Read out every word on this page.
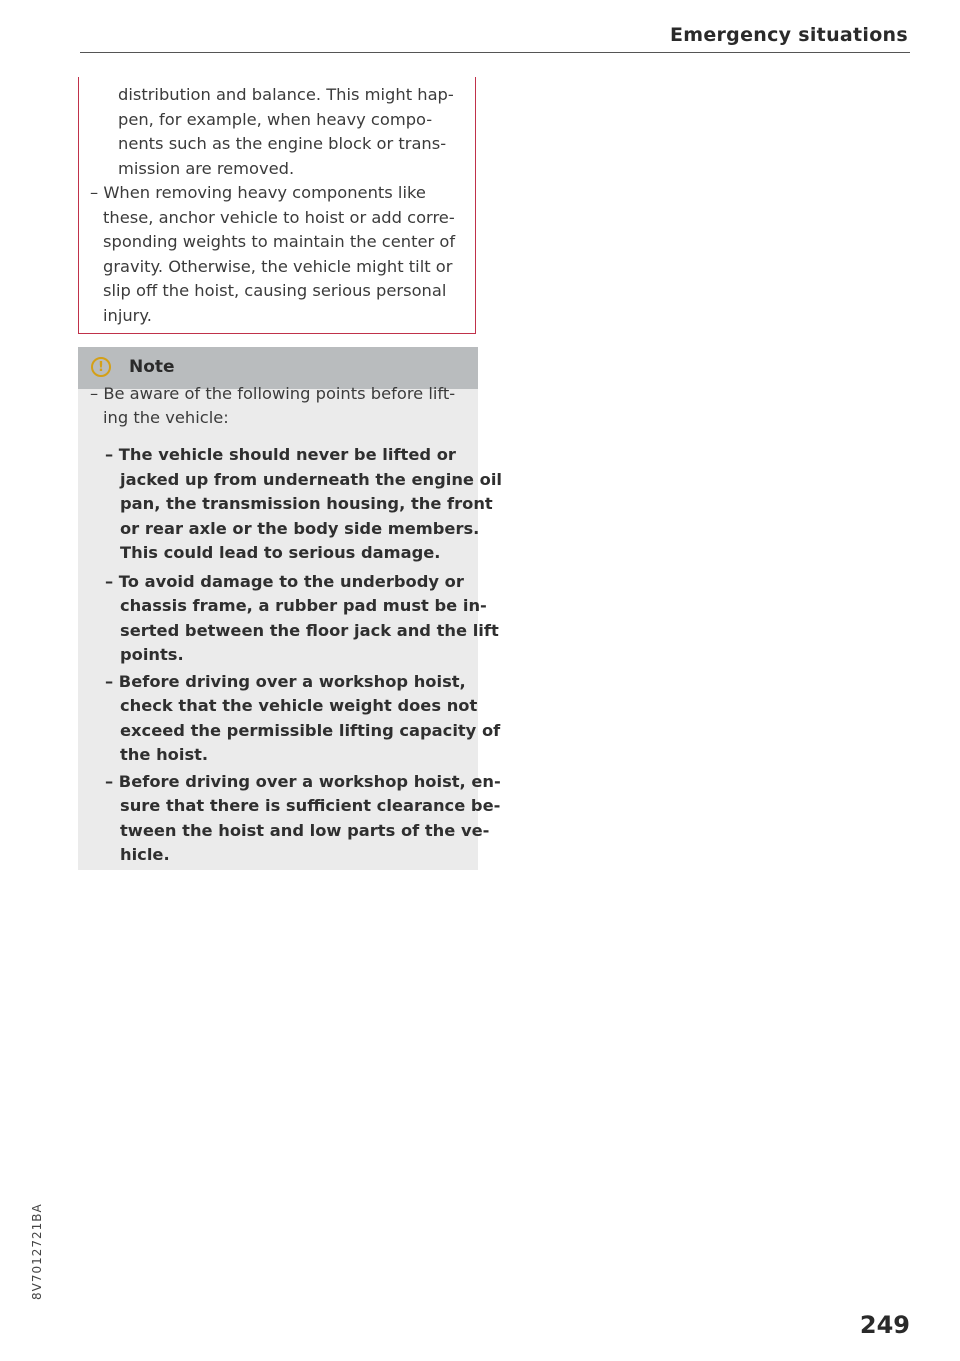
Emergency situations
distribution and balance. This might hap-
pen, for example, when heavy compo-
nents such as the engine block or trans-
mission are removed.
– When removing heavy components like
these, anchor vehicle to hoist or add corre-
sponding weights to maintain the center of
gravity. Otherwise, the vehicle might tilt or
slip off the hoist, causing serious personal
injury.
!	Note
– Be aware of the following points before lift-
ing the vehicle:
– The vehicle should never be lifted or
jacked up from underneath the engine oil
pan, the transmission housing, the front
or rear axle or the body side members.
This could lead to serious damage.
– To avoid damage to the underbody or
chassis frame, a rubber pad must be in-
serted between the floor jack and the lift
points.
– Before driving over a workshop hoist,
check that the vehicle weight does not
exceed the permissible lifting capacity of
the hoist.
– Before driving over a workshop hoist, en-
sure that there is sufficient clearance be-
tween the hoist and low parts of the ve-
hicle.
8V7012721BA
249
